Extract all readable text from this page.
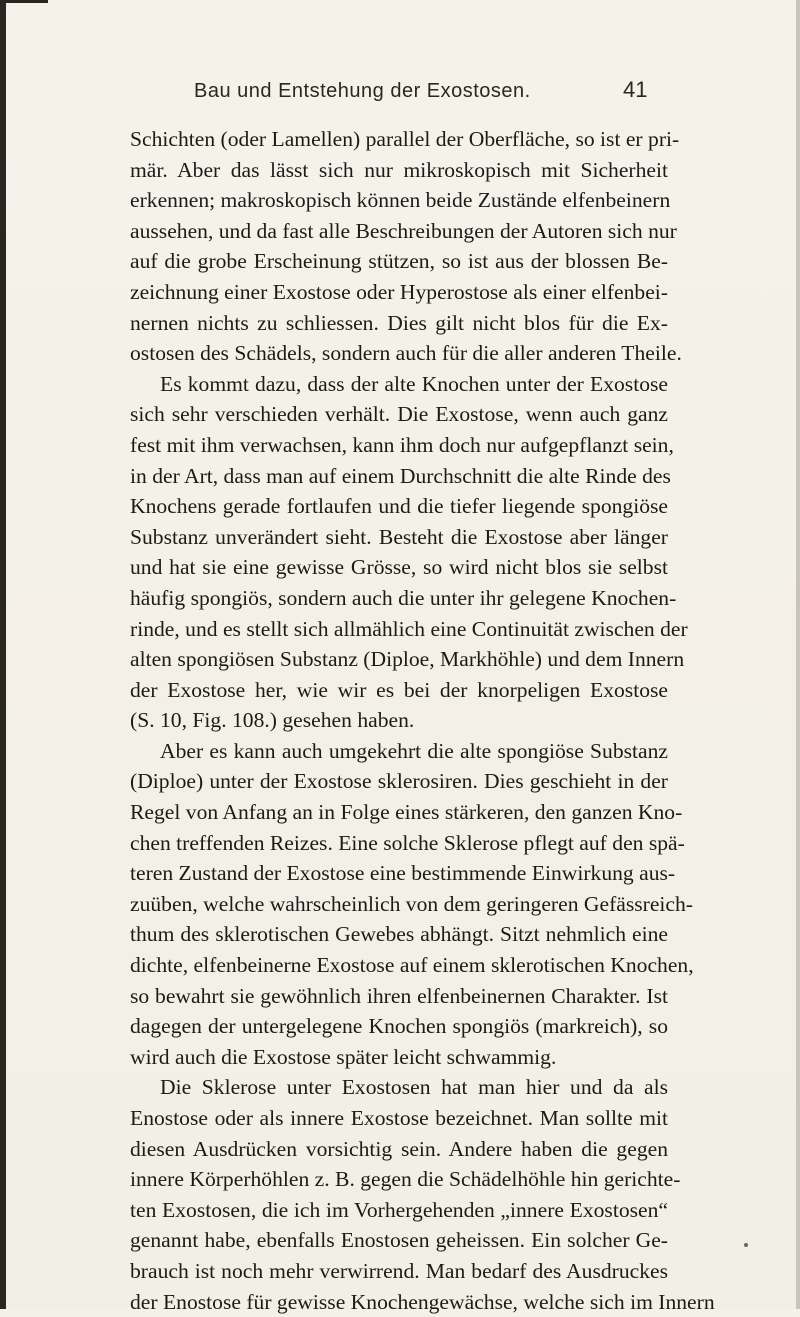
Bau und Entstehung der Exostosen.	41
Schichten (oder Lamellen) parallel der Oberfläche, so ist er pri-
mär. Aber das lässt sich nur mikroskopisch mit Sicherheit
erkennen; makroskopisch können beide Zustände elfenbeinern
aussehen, und da fast alle Beschreibungen der Autoren sich nur
auf die grobe Erscheinung stützen, so ist aus der blossen Be-
zeichnung einer Exostose oder Hyperostose als einer elfenbei-
nernen nichts zu schliessen. Dies gilt nicht blos für die Ex-
ostosen des Schädels, sondern auch für die aller anderen Theile.
Es kommt dazu, dass der alte Knochen unter der Exostose
sich sehr verschieden verhält. Die Exostose, wenn auch ganz
fest mit ihm verwachsen, kann ihm doch nur aufgepflanzt sein,
in der Art, dass man auf einem Durchschnitt die alte Rinde des
Knochens gerade fortlaufen und die tiefer liegende spongiöse
Substanz unverändert sieht. Besteht die Exostose aber länger
und hat sie eine gewisse Grösse, so wird nicht blos sie selbst
häufig spongiös, sondern auch die unter ihr gelegene Knochen-
rinde, und es stellt sich allmählich eine Continuität zwischen der
alten spongiösen Substanz (Diploe, Markhöhle) und dem Innern
der Exostose her, wie wir es bei der knorpeligen Exostose
(S. 10, Fig. 108.) gesehen haben.
Aber es kann auch umgekehrt die alte spongiöse Substanz
(Diploe) unter der Exostose sklerosiren. Dies geschieht in der
Regel von Anfang an in Folge eines stärkeren, den ganzen Kno-
chen treffenden Reizes. Eine solche Sklerose pflegt auf den spä-
teren Zustand der Exostose eine bestimmende Einwirkung aus-
zuüben, welche wahrscheinlich von dem geringeren Gefässreich-
thum des sklerotischen Gewebes abhängt. Sitzt nehmlich eine
dichte, elfenbeinerne Exostose auf einem sklerotischen Knochen,
so bewahrt sie gewöhnlich ihren elfenbeinernen Charakter. Ist
dagegen der untergelegene Knochen spongiös (markreich), so
wird auch die Exostose später leicht schwammig.
Die Sklerose unter Exostosen hat man hier und da als
Enostose oder als innere Exostose bezeichnet. Man sollte mit
diesen Ausdrücken vorsichtig sein. Andere haben die gegen
innere Körperhöhlen z. B. gegen die Schädelhöhle hin gerichte-
ten Exostosen, die ich im Vorhergehenden „innere Exostosen“
genannt habe, ebenfalls Enostosen geheissen. Ein solcher Ge-
brauch ist noch mehr verwirrend. Man bedarf des Ausdruckes
der Enostose für gewisse Knochengewächse, welche sich im Innern
